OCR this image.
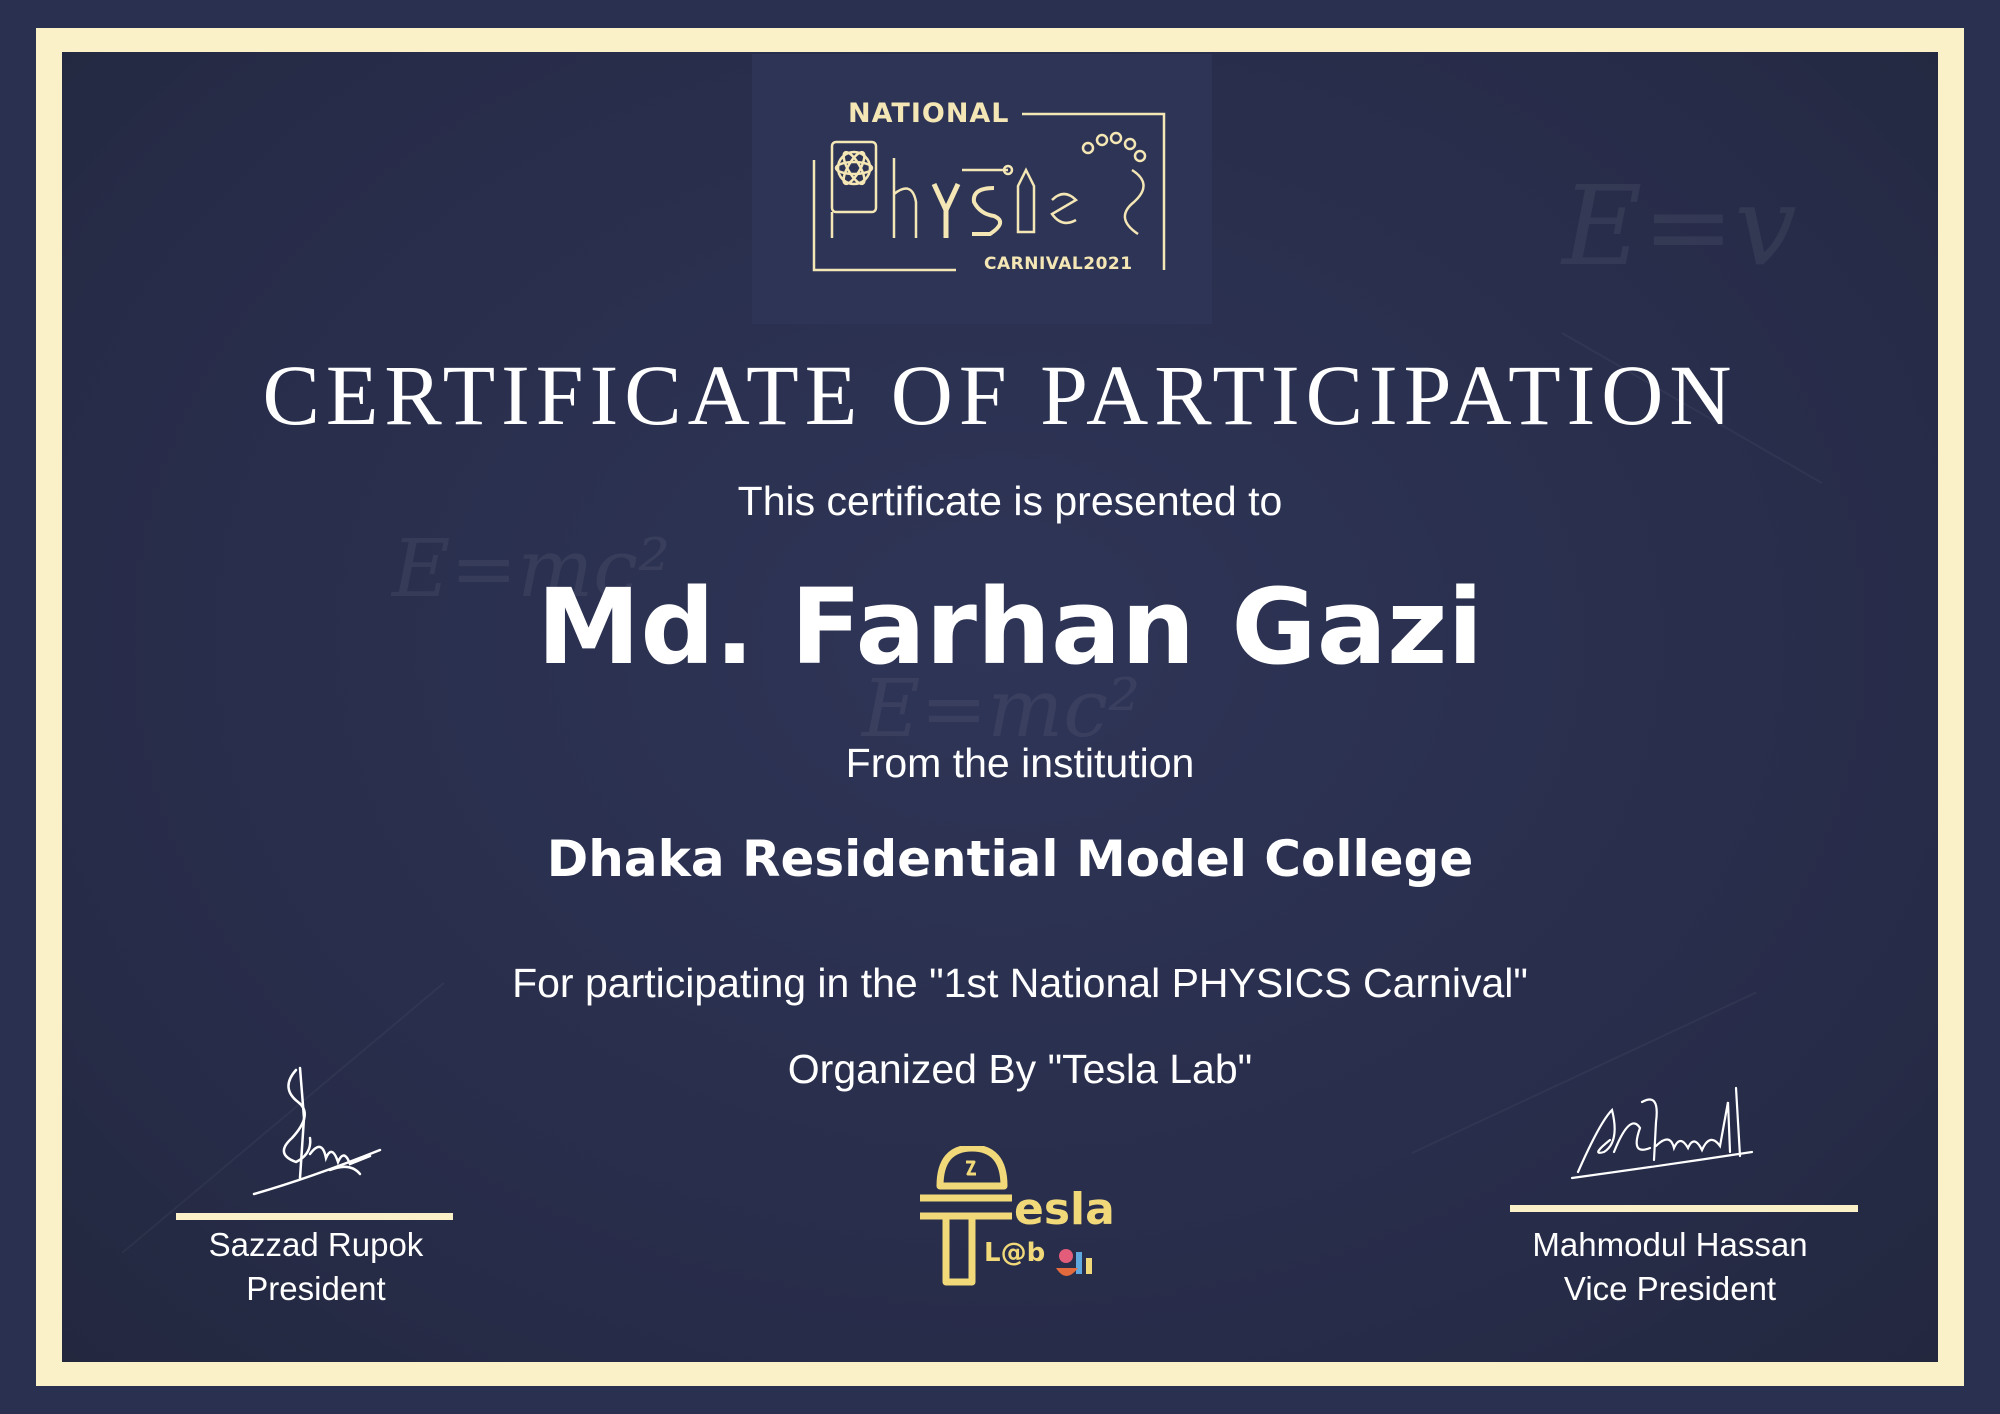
E=mc²
E=mc²
E=v
NATIONAL
CARNIVAL2021
CERTIFICATE OF PARTICIPATION
This certificate is presented to
Md. Farhan Gazi
From the institution
Dhaka Residential Model College
For participating in the "1st National PHYSICS Carnival"
Organized By "Tesla Lab"
Sazzad Rupok
President
Mahmodul Hassan
Vice President
esla
L@b
